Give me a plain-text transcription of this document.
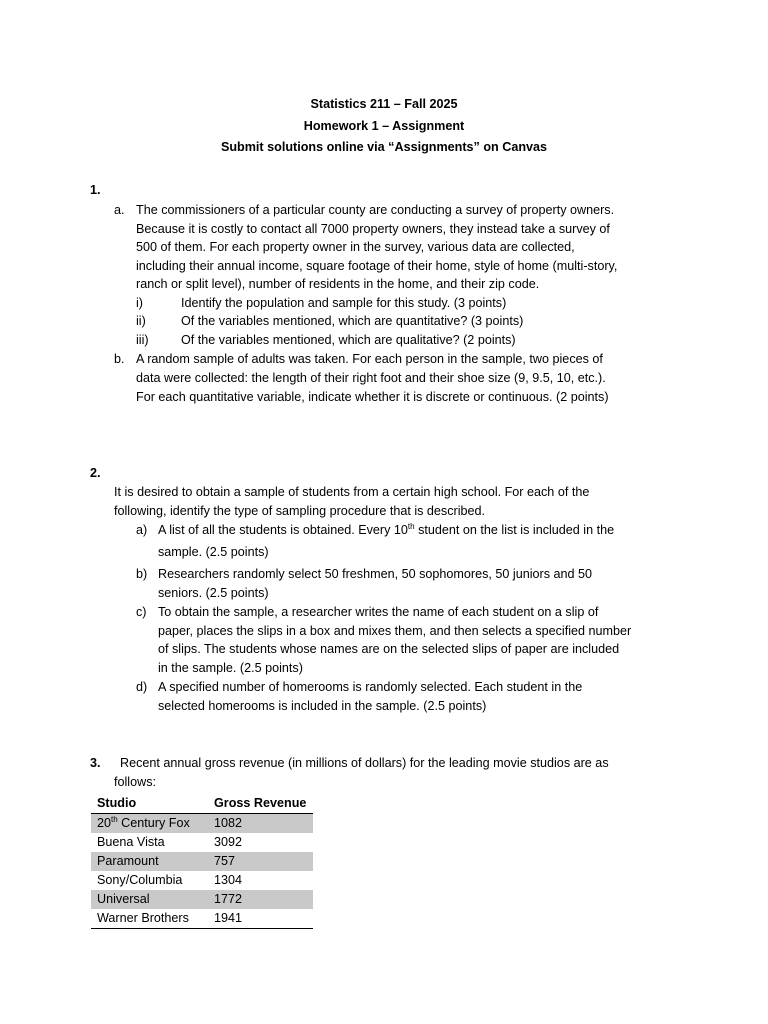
Statistics 211 – Fall 2025
Homework 1 – Assignment
Submit solutions online via “Assignments” on Canvas
1.
a. The commissioners of a particular county are conducting a survey of property owners.
Because it is costly to contact all 7000 property owners, they instead take a survey of
500 of them. For each property owner in the survey, various data are collected,
including their annual income, square footage of their home, style of home (multi-story,
ranch or split level), number of residents in the home, and their zip code.
i)	Identify the population and sample for this study. (3 points)
ii)	Of the variables mentioned, which are quantitative? (3 points)
iii)	Of the variables mentioned, which are qualitative? (2 points)
b. A random sample of adults was taken. For each person in the sample, two pieces of
data were collected: the length of their right foot and their shoe size (9, 9.5, 10, etc.).
For each quantitative variable, indicate whether it is discrete or continuous. (2 points)
2.
It is desired to obtain a sample of students from a certain high school. For each of the
following, identify the type of sampling procedure that is described.
a) A list of all the students is obtained. Every 10th student on the list is included in the
sample. (2.5 points)
b) Researchers randomly select 50 freshmen, 50 sophomores, 50 juniors and 50
seniors. (2.5 points)
c) To obtain the sample, a researcher writes the name of each student on a slip of
paper, places the slips in a box and mixes them, and then selects a specified number
of slips. The students whose names are on the selected slips of paper are included
in the sample. (2.5 points)
d) A specified number of homerooms is randomly selected. Each student in the
selected homerooms is included in the sample. (2.5 points)
3. Recent annual gross revenue (in millions of dollars) for the leading movie studios are as
follows:
Studio	Gross Revenue
20th Century Fox	1082
Buena Vista	3092
Paramount	757
Sony/Columbia	1304
Universal	1772
Warner Brothers	1941
